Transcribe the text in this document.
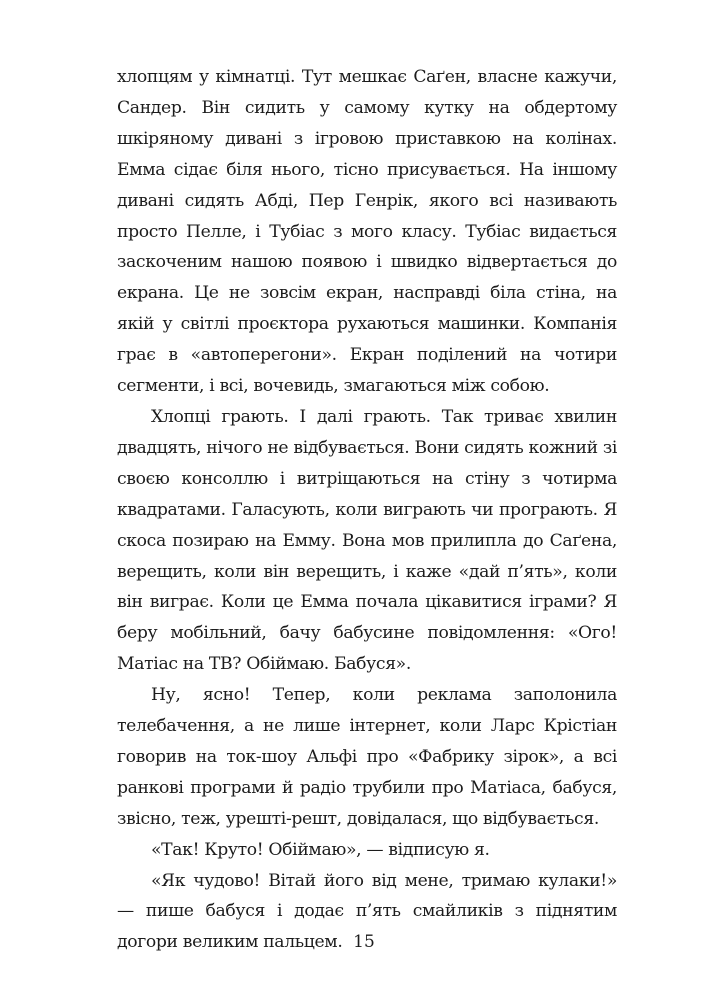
хлопцям у кімнатці. Тут мешкає Саґен, власне кажучи, Сандер. Він сидить у самому кутку на обдертому шкіряному дивані з ігровою приставкою на колінах. Емма сідає біля нього, тісно присувається. На іншому дивані сидять Абді, Пер Генрік, якого всі називають просто Пелле, і Тубіас з мого класу. Тубіас видається заскоченим нашою появою і швидко відвертається до екрана. Це не зовсім екран, насправді біла стіна, на якій у світлі проєктора рухаються машинки. Компанія грає в «автоперегони». Екран поділений на чотири сегменти, і всі, вочевидь, змагаються між собою.

Хлопці грають. І далі грають. Так триває хвилин двадцять, нічого не відбувається. Вони сидять кожний зі своєю консоллю і витріщаються на стіну з чотирма квадратами. Галасують, коли виграють чи програють. Я скоса позираю на Емму. Вона мов прилипла до Саґена, верещить, коли він верещить, і каже «дай п’ять», коли він виграє. Коли це Емма почала цікавитися іграми? Я беру мобільний, бачу бабусине повідомлення: «Ого! Матіас на ТВ? Обіймаю. Бабуся».

Ну, ясно! Тепер, коли реклама заполонила телебачення, а не лише інтернет, коли Ларс Крістіан говорив на ток-шоу Альфі про «Фабрику зірок», а всі ранкові програми й радіо трубили про Матіаса, бабуся, звісно, теж, урешті-решт, довідалася, що відбувається.

«Так! Круто! Обіймаю», — відписую я.

«Як чудово! Вітай його від мене, тримаю кулаки!» — пише бабуся і додає п’ять смайликів з піднятим догори великим пальцем. 15
